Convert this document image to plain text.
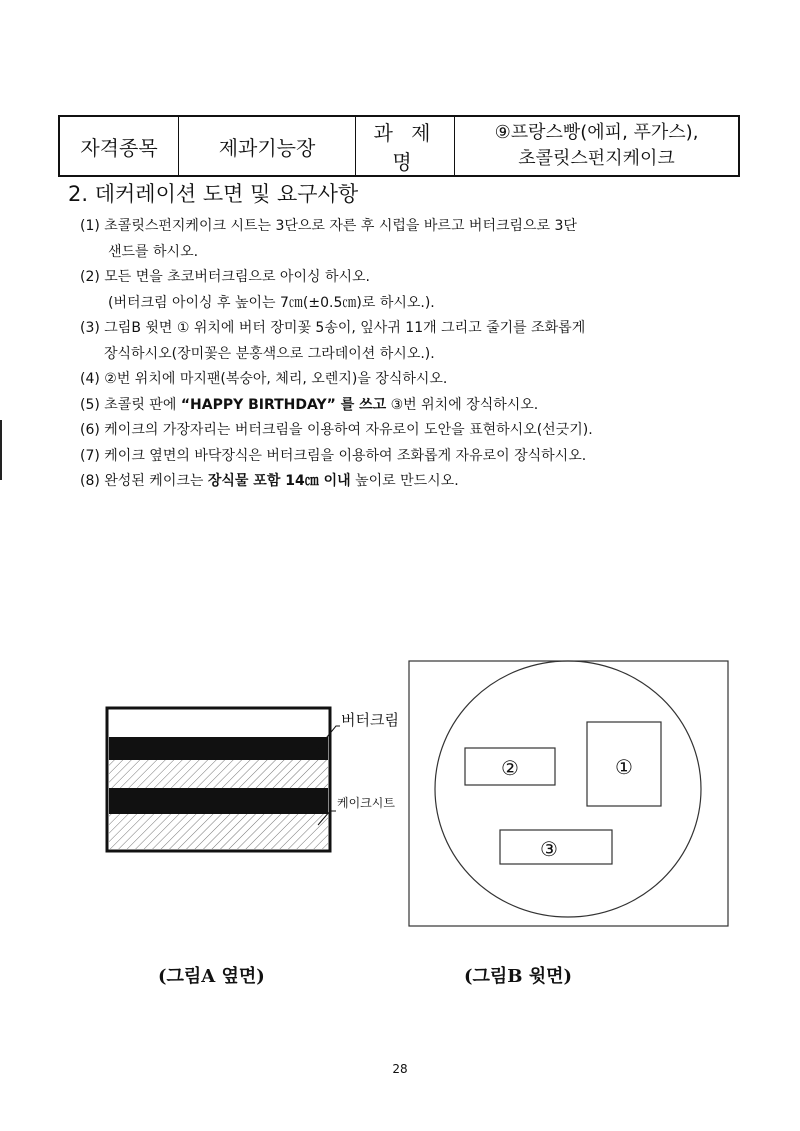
자격종목	제과기능장	과 제 명	
⑨프랑스빵(에피, 푸가스),
초콜릿스펀지케이크
2. 데커레이션 도면 및 요구사항
(1) 초콜릿스펀지케이크 시트는 3단으로 자른 후 시럽을 바르고 버터크림으로 3단
샌드를 하시오.
(2) 모든 면을 초코버터크림으로 아이싱 하시오.
(버터크림 아이싱 후 높이는 7㎝(±0.5㎝)로 하시오.).
(3) 그림B 윗면 ① 위치에 버터 장미꽃 5송이, 잎사귀 11개 그리고 줄기를 조화롭게
장식하시오(장미꽃은 분홍색으로 그라데이션 하시오.).
(4) ②번 위치에 마지팬(복숭아, 체리, 오렌지)을 장식하시오.
(5) 초콜릿 판에 “HAPPY BIRTHDAY” 를 쓰고 ③번 위치에 장식하시오.
(6) 케이크의 가장자리는 버터크림을 이용하여 자유로이 도안을 표현하시오(선긋기).
(7) 케이크 옆면의 바닥장식은 버터크림을 이용하여 조화롭게 자유로이 장식하시오.
(8) 완성된 케이크는 장식물 포함 14㎝ 이내 높이로 만드시오.
버터크림
케이크시트
①
②
③
(그림A 옆면)	(그림B 윗면)
28
